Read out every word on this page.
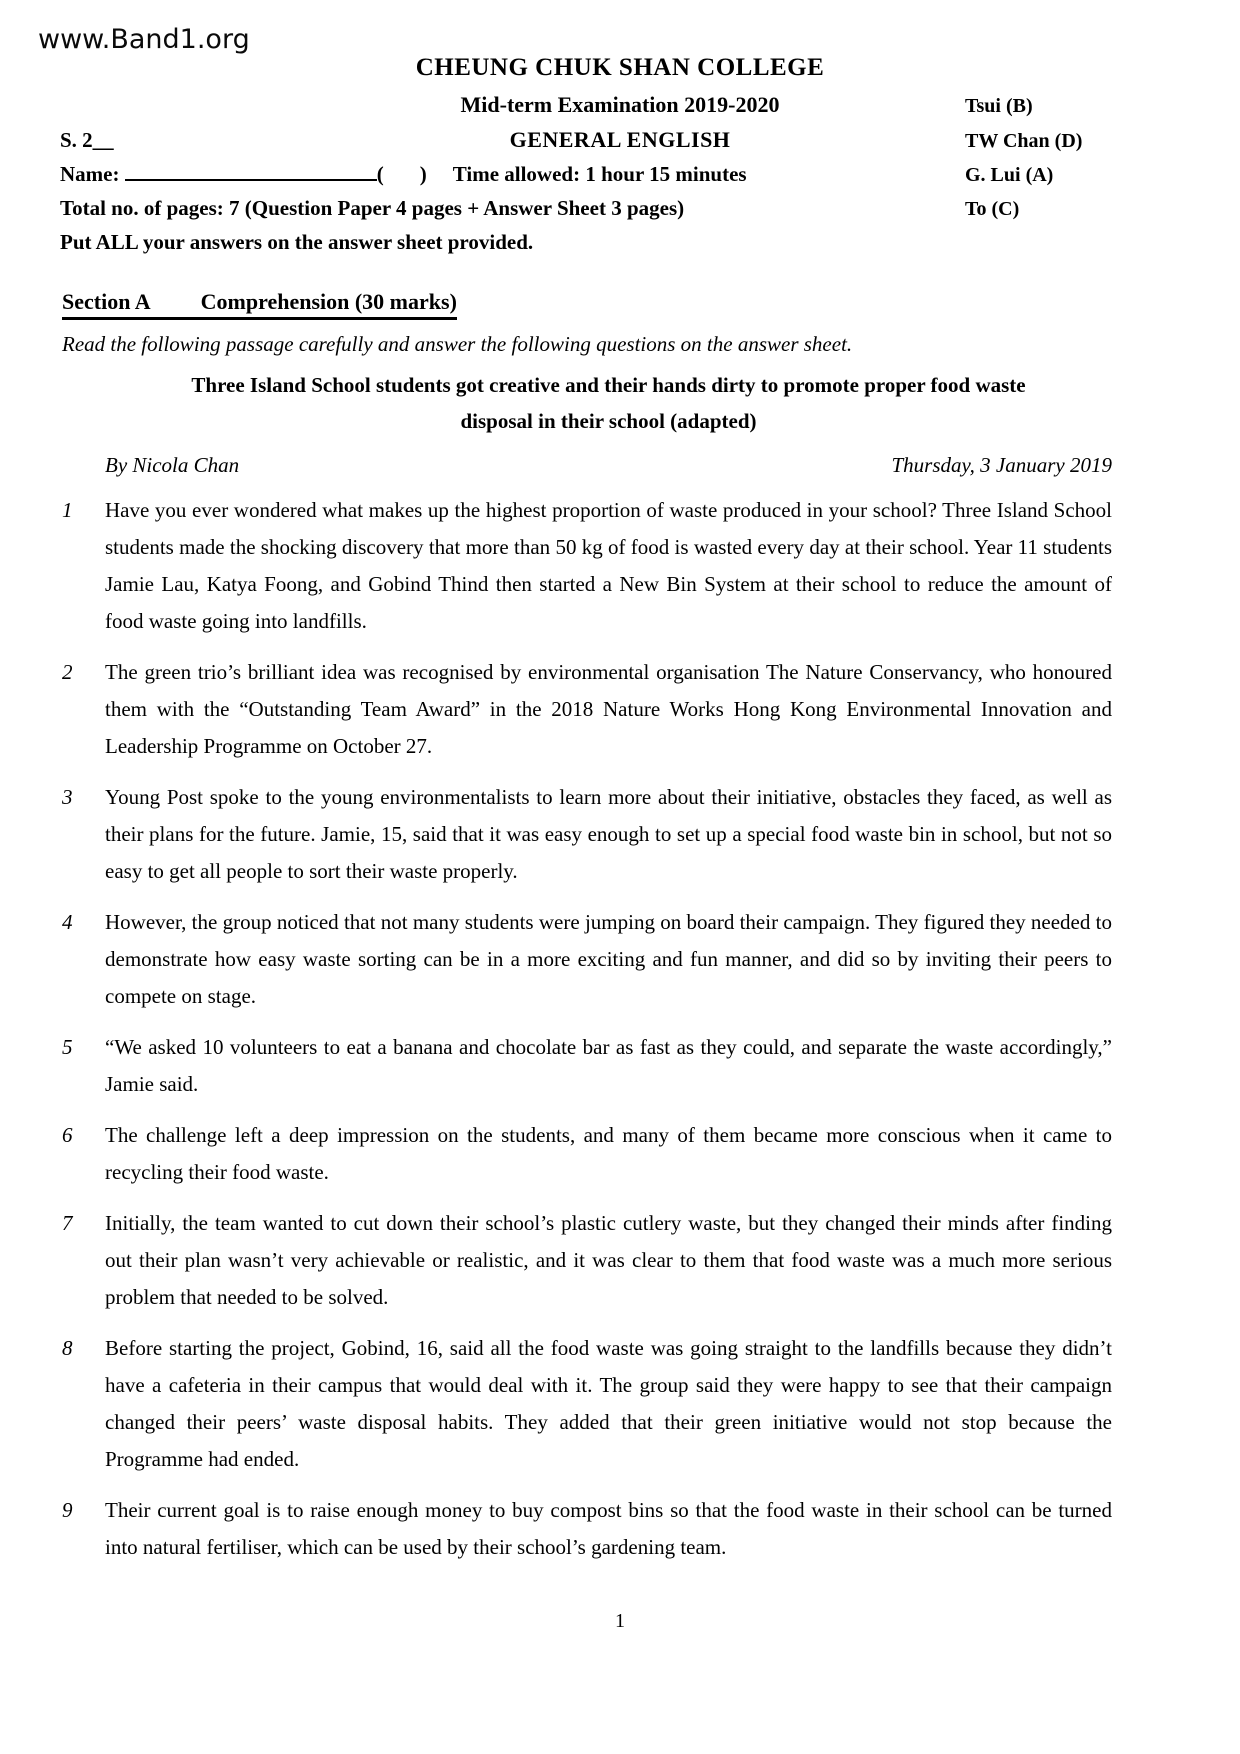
www.Band1.org
CHEUNG CHUK SHAN COLLEGE
Mid-term Examination 2019-2020	Tsui (B)
S. 2__	GENERAL ENGLISH	TW Chan (D)
Name:	( ) Time allowed: 1 hour 15 minutes	G. Lui (A)
Total no. of pages: 7 (Question Paper 4 pages + Answer Sheet 3 pages)	To (C)
Put ALL your answers on the answer sheet provided.
Section A Comprehension (30 marks)
Read the following passage carefully and answer the following questions on the answer sheet.
Three Island School students got creative and their hands dirty to promote proper food waste
disposal in their school (adapted)
By Nicola Chan	Thursday, 3 January 2019
1	Have you ever wondered what makes up the highest proportion of waste produced in your school? Three Island School students made the shocking discovery that more than 50 kg of food is wasted every day at their school. Year 11 students Jamie Lau, Katya Foong, and Gobind Thind then started a New Bin System at their school to reduce the amount of food waste going into landfills.
2	The green trio’s brilliant idea was recognised by environmental organisation The Nature Conservancy, who honoured them with the “Outstanding Team Award” in the 2018 Nature Works Hong Kong Environmental Innovation and Leadership Programme on October 27.
3	Young Post spoke to the young environmentalists to learn more about their initiative, obstacles they faced, as well as their plans for the future. Jamie, 15, said that it was easy enough to set up a special food waste bin in school, but not so easy to get all people to sort their waste properly.
4	However, the group noticed that not many students were jumping on board their campaign. They figured they needed to demonstrate how easy waste sorting can be in a more exciting and fun manner, and did so by inviting their peers to compete on stage.
5	“We asked 10 volunteers to eat a banana and chocolate bar as fast as they could, and separate the waste accordingly,” Jamie said.
6	The challenge left a deep impression on the students, and many of them became more conscious when it came to recycling their food waste.
7	Initially, the team wanted to cut down their school’s plastic cutlery waste, but they changed their minds after finding out their plan wasn’t very achievable or realistic, and it was clear to them that food waste was a much more serious problem that needed to be solved.
8	Before starting the project, Gobind, 16, said all the food waste was going straight to the landfills because they didn’t have a cafeteria in their campus that would deal with it. The group said they were happy to see that their campaign changed their peers’ waste disposal habits. They added that their green initiative would not stop because the Programme had ended.
9	Their current goal is to raise enough money to buy compost bins so that the food waste in their school can be turned into natural fertiliser, which can be used by their school’s gardening team.
1
